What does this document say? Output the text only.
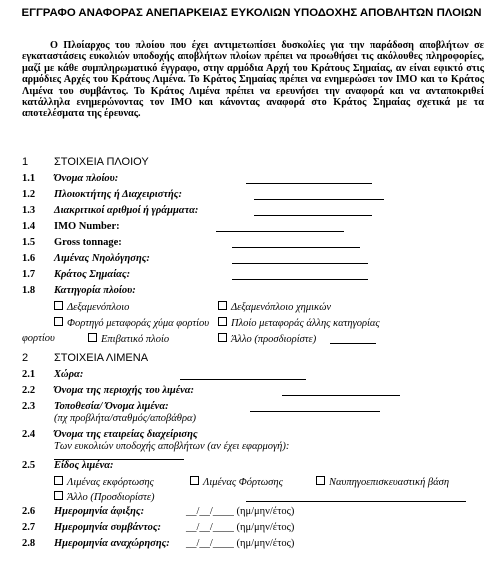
ΕΓΓΡΑΦΟ ΑΝΑΦΟΡΑΣ ΑΝΕΠΑΡΚΕΙΑΣ ΕΥΚΟΛΙΩΝ ΥΠΟΔΟΧΗΣ ΑΠΟΒΛΗΤΩΝ ΠΛΟΙΩΝ

Ο Πλοίαρχος του πλοίου που έχει αντιμετωπίσει δυσκολίες για την παράδοση αποβλήτων σε εγκαταστάσεις ευκολιών υποδοχής αποβλήτων πλοίων πρέπει να προωθήσει τις ακόλουθες πληροφορίες, μαζί με κάθε συμπληρωματικό έγγραφο, στην αρμόδια Αρχή του Κράτους Σημαίας, αν είναι εφικτό στις αρμόδιες Αρχές του Κράτους Λιμένα. Το Κράτος Σημαίας πρέπει να ενημερώσει τον IMO και το Κράτος Λιμένα του συμβάντος. Το Κράτος Λιμένα πρέπει να ερευνήσει την αναφορά και να ανταποκριθεί κατάλληλα ενημερώνοντας τον IMO και κάνοντας αναφορά στο Κράτος Σημαίας σχετικά με τα αποτελέσματα της έρευνας.

1 ΣΤΟΙΧΕΙΑ ΠΛΟΙΟΥ
1.1 Όνομα πλοίου:
1.2 Πλοιοκτήτης ή Διαχειριστής:
1.3 Διακριτικοί αριθμοί ή γράμματα:
1.4 IMO Number:
1.5 Gross tonnage:
1.6 Λιμένας Νηολόγησης:
1.7 Κράτος Σημαίας:
1.8 Κατηγορία πλοίου:
Δεξαμενόπλοιο	Δεξαμενόπλοιο χημικών
Φορτηγό μεταφοράς χύμα φορτίου	Πλοίο μεταφοράς άλλης κατηγορίας
φορτίου	Επιβατικό πλοίο	Άλλο (προσδιορίστε)
2 ΣΤΟΙΧΕΙΑ ΛΙΜΕΝΑ
2.1 Χώρα:
2.2 Όνομα της περιοχής του λιμένα:
2.3 Τοποθεσία/ Όνομα λιμένα:
(πχ προβλήτα/σταθμός/αποβάθρα)
2.4 Όνομα της εταιρείας διαχείρισης
Των ευκολιών υποδοχής αποβλήτων (αν έχει εφαρμογή):
2.5 Είδος λιμένα:
Λιμένας εκφόρτωσης	Λιμένας Φόρτωσης	Ναυπηγοεπισκευαστική βάση
Άλλο (Προσδιορίστε)
2.6 Ημερομηνία άφιξης:	__/__/____ (ημ/μην/έτος)
2.7 Ημερομηνία συμβάντος: __/__/____ (ημ/μην/έτος)
2.8 Ημερομηνία αναχώρησης: __/__/____ (ημ/μην/έτος)
